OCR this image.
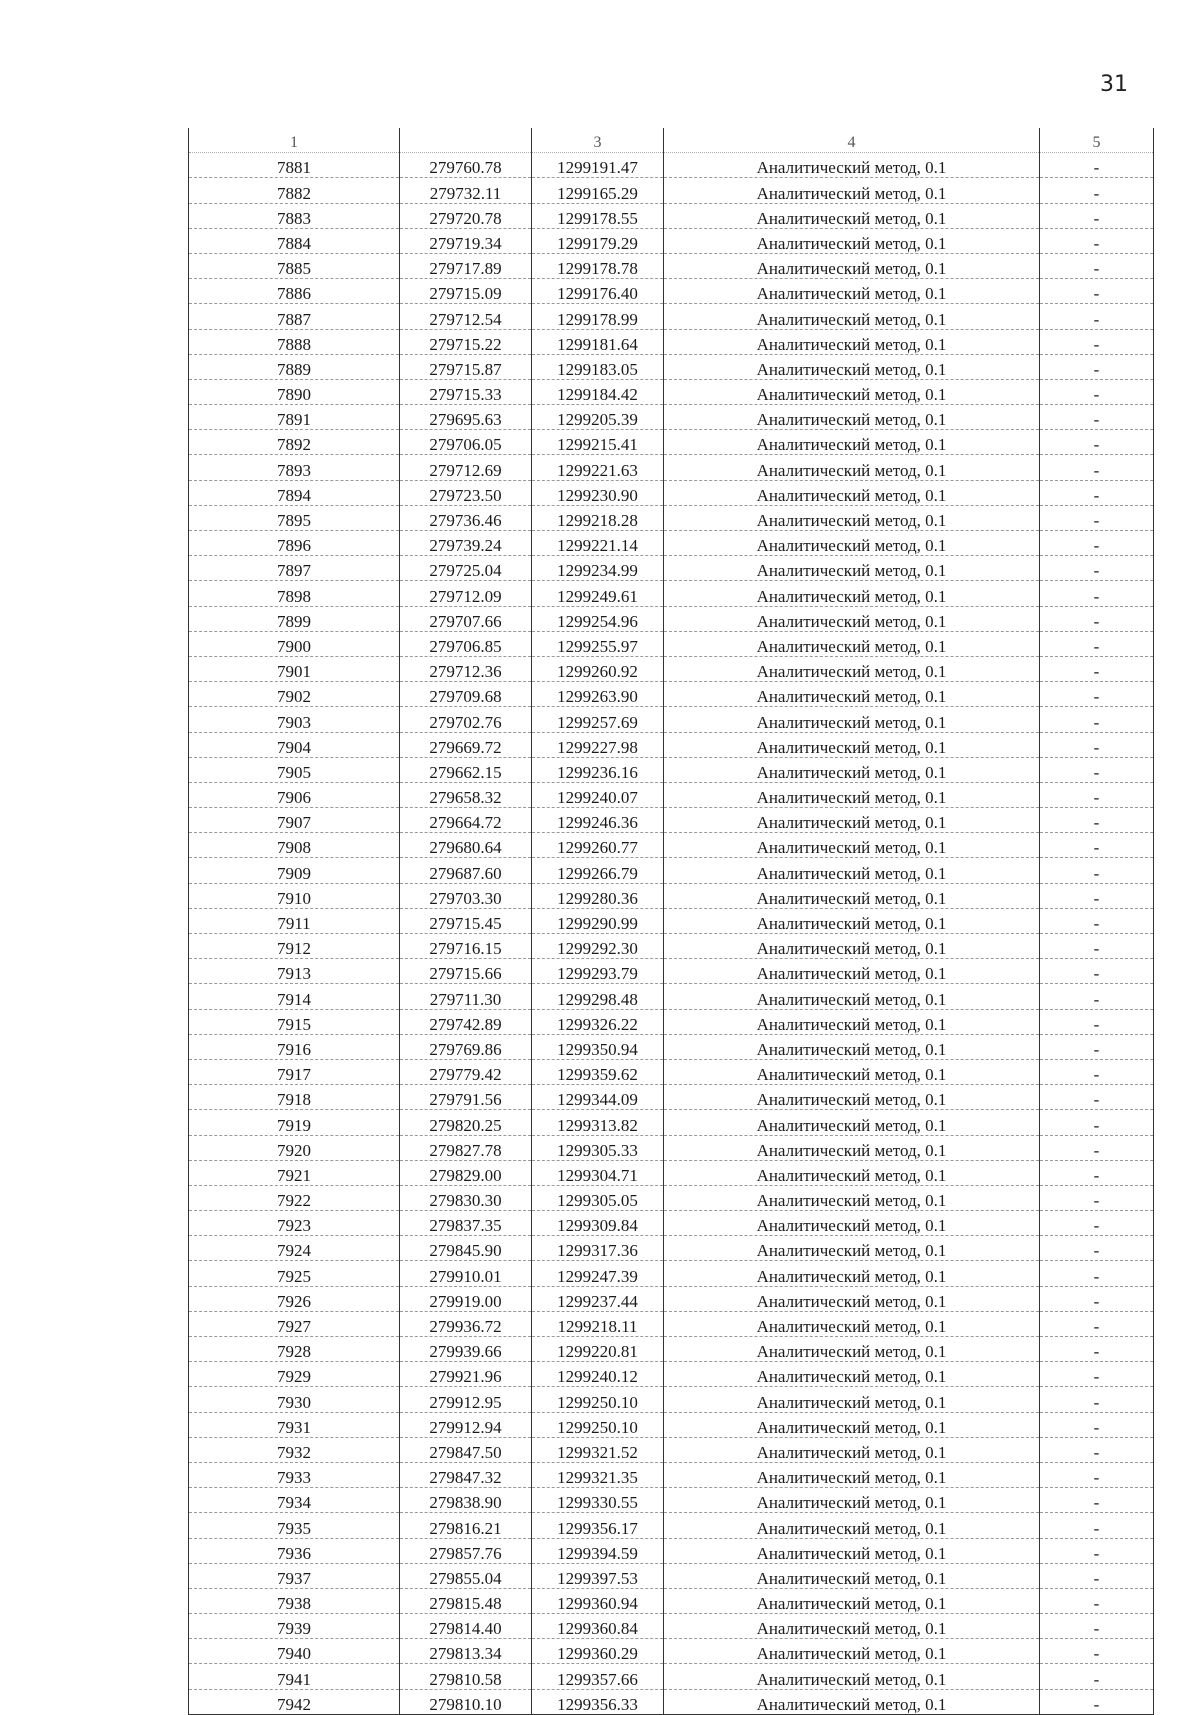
31
1		3	4	5
7881	279760.78	1299191.47	Аналитический метод, 0.1	-
7882	279732.11	1299165.29	Аналитический метод, 0.1	-
7883	279720.78	1299178.55	Аналитический метод, 0.1	-
7884	279719.34	1299179.29	Аналитический метод, 0.1	-
7885	279717.89	1299178.78	Аналитический метод, 0.1	-
7886	279715.09	1299176.40	Аналитический метод, 0.1	-
7887	279712.54	1299178.99	Аналитический метод, 0.1	-
7888	279715.22	1299181.64	Аналитический метод, 0.1	-
7889	279715.87	1299183.05	Аналитический метод, 0.1	-
7890	279715.33	1299184.42	Аналитический метод, 0.1	-
7891	279695.63	1299205.39	Аналитический метод, 0.1	-
7892	279706.05	1299215.41	Аналитический метод, 0.1	-
7893	279712.69	1299221.63	Аналитический метод, 0.1	-
7894	279723.50	1299230.90	Аналитический метод, 0.1	-
7895	279736.46	1299218.28	Аналитический метод, 0.1	-
7896	279739.24	1299221.14	Аналитический метод, 0.1	-
7897	279725.04	1299234.99	Аналитический метод, 0.1	-
7898	279712.09	1299249.61	Аналитический метод, 0.1	-
7899	279707.66	1299254.96	Аналитический метод, 0.1	-
7900	279706.85	1299255.97	Аналитический метод, 0.1	-
7901	279712.36	1299260.92	Аналитический метод, 0.1	-
7902	279709.68	1299263.90	Аналитический метод, 0.1	-
7903	279702.76	1299257.69	Аналитический метод, 0.1	-
7904	279669.72	1299227.98	Аналитический метод, 0.1	-
7905	279662.15	1299236.16	Аналитический метод, 0.1	-
7906	279658.32	1299240.07	Аналитический метод, 0.1	-
7907	279664.72	1299246.36	Аналитический метод, 0.1	-
7908	279680.64	1299260.77	Аналитический метод, 0.1	-
7909	279687.60	1299266.79	Аналитический метод, 0.1	-
7910	279703.30	1299280.36	Аналитический метод, 0.1	-
7911	279715.45	1299290.99	Аналитический метод, 0.1	-
7912	279716.15	1299292.30	Аналитический метод, 0.1	-
7913	279715.66	1299293.79	Аналитический метод, 0.1	-
7914	279711.30	1299298.48	Аналитический метод, 0.1	-
7915	279742.89	1299326.22	Аналитический метод, 0.1	-
7916	279769.86	1299350.94	Аналитический метод, 0.1	-
7917	279779.42	1299359.62	Аналитический метод, 0.1	-
7918	279791.56	1299344.09	Аналитический метод, 0.1	-
7919	279820.25	1299313.82	Аналитический метод, 0.1	-
7920	279827.78	1299305.33	Аналитический метод, 0.1	-
7921	279829.00	1299304.71	Аналитический метод, 0.1	-
7922	279830.30	1299305.05	Аналитический метод, 0.1	-
7923	279837.35	1299309.84	Аналитический метод, 0.1	-
7924	279845.90	1299317.36	Аналитический метод, 0.1	-
7925	279910.01	1299247.39	Аналитический метод, 0.1	-
7926	279919.00	1299237.44	Аналитический метод, 0.1	-
7927	279936.72	1299218.11	Аналитический метод, 0.1	-
7928	279939.66	1299220.81	Аналитический метод, 0.1	-
7929	279921.96	1299240.12	Аналитический метод, 0.1	-
7930	279912.95	1299250.10	Аналитический метод, 0.1	-
7931	279912.94	1299250.10	Аналитический метод, 0.1	-
7932	279847.50	1299321.52	Аналитический метод, 0.1	-
7933	279847.32	1299321.35	Аналитический метод, 0.1	-
7934	279838.90	1299330.55	Аналитический метод, 0.1	-
7935	279816.21	1299356.17	Аналитический метод, 0.1	-
7936	279857.76	1299394.59	Аналитический метод, 0.1	-
7937	279855.04	1299397.53	Аналитический метод, 0.1	-
7938	279815.48	1299360.94	Аналитический метод, 0.1	-
7939	279814.40	1299360.84	Аналитический метод, 0.1	-
7940	279813.34	1299360.29	Аналитический метод, 0.1	-
7941	279810.58	1299357.66	Аналитический метод, 0.1	-
7942	279810.10	1299356.33	Аналитический метод, 0.1	-
